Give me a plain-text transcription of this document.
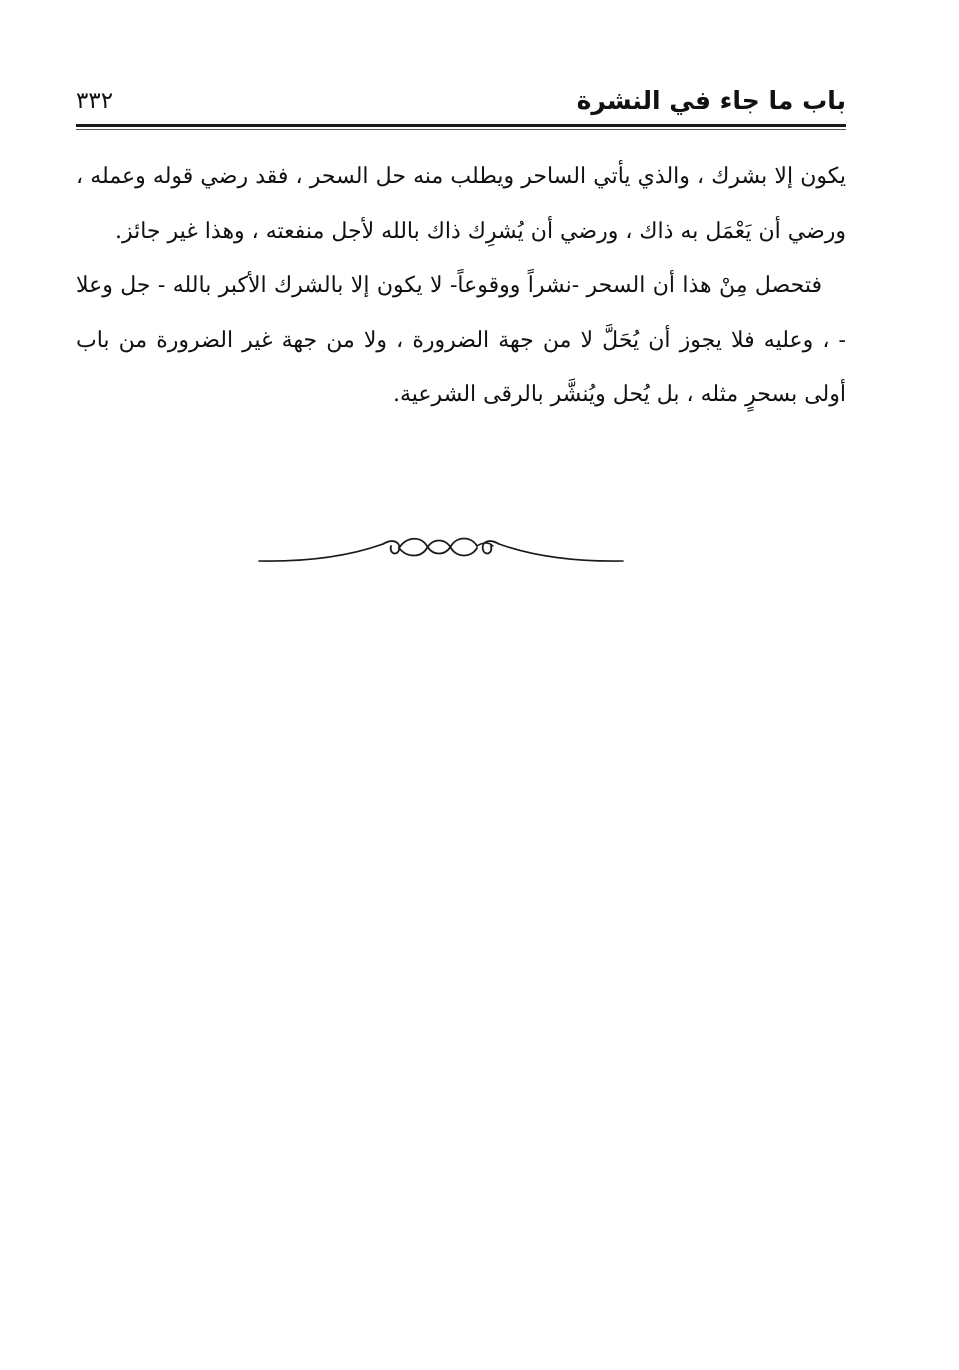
باب ما جاء في النشرة
٣٣٢

يكون إلا بشرك ، والذي يأتي الساحر ويطلب منه حل السحر ، فقد رضي قوله وعمله ، ورضي أن يَعْمَل به ذاك ، ورضي أن يُشرِك ذاك بالله لأجل منفعته ، وهذا غير جائز.

فتحصل مِنْ هذا أن السحر -نشراً ووقوعاً- لا يكون إلا بالشرك الأكبر بالله - جل وعلا - ، وعليه فلا يجوز أن يُحَلَّ لا من جهة الضرورة ، ولا من جهة غير الضرورة من باب أولى بسحرٍ مثله ، بل يُحل ويُنشَّر بالرقى الشرعية.
